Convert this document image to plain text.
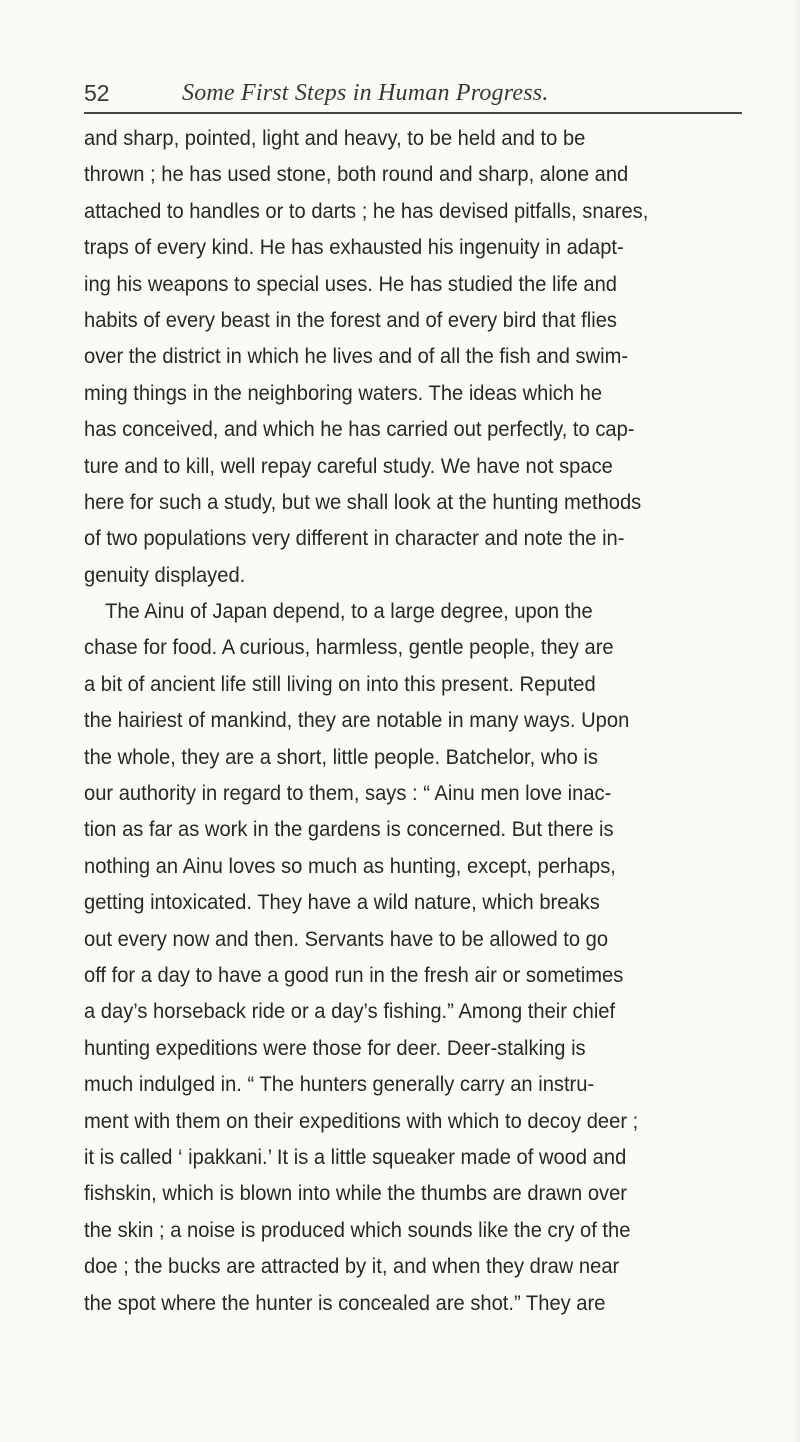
52	Some First Steps in Human Progress.
and sharp, pointed, light and heavy, to be held and to be
thrown ; he has used stone, both round and sharp, alone and
attached to handles or to darts ; he has devised pitfalls, snares,
traps of every kind. He has exhausted his ingenuity in adapt-
ing his weapons to special uses. He has studied the life and
habits of every beast in the forest and of every bird that flies
over the district in which he lives and of all the fish and swim-
ming things in the neighboring waters. The ideas which he
has conceived, and which he has carried out perfectly, to cap-
ture and to kill, well repay careful study. We have not space
here for such a study, but we shall look at the hunting methods
of two populations very different in character and note the in-
genuity displayed.
The Ainu of Japan depend, to a large degree, upon the
chase for food. A curious, harmless, gentle people, they are
a bit of ancient life still living on into this present. Reputed
the hairiest of mankind, they are notable in many ways. Upon
the whole, they are a short, little people. Batchelor, who is
our authority in regard to them, says : “ Ainu men love inac-
tion as far as work in the gardens is concerned. But there is
nothing an Ainu loves so much as hunting, except, perhaps,
getting intoxicated. They have a wild nature, which breaks
out every now and then. Servants have to be allowed to go
off for a day to have a good run in the fresh air or sometimes
a day’s horseback ride or a day’s fishing.” Among their chief
hunting expeditions were those for deer. Deer-stalking is
much indulged in. “ The hunters generally carry an instru-
ment with them on their expeditions with which to decoy deer ;
it is called ‘ ipakkani.’ It is a little squeaker made of wood and
fishskin, which is blown into while the thumbs are drawn over
the skin ; a noise is produced which sounds like the cry of the
doe ; the bucks are attracted by it, and when they draw near
the spot where the hunter is concealed are shot.” They are
